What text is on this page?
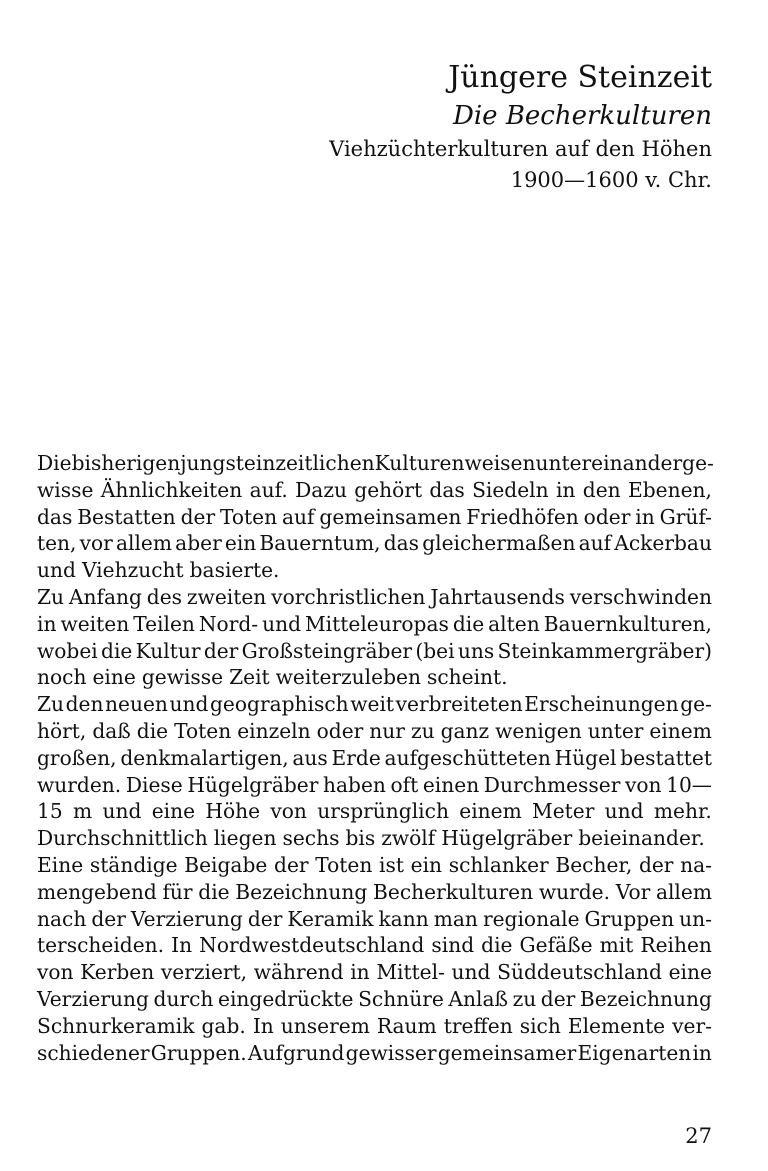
Jüngere Steinzeit
Die Becherkulturen
Viehzüchterkulturen auf den Höhen
1900—1600 v. Chr.
Die bisherigen jungsteinzeitlichen Kulturen weisen untereinander ge-
wisse Ähnlichkeiten auf. Dazu gehört das Siedeln in den Ebenen,
das Bestatten der Toten auf gemeinsamen Friedhöfen oder in Grüf-
ten, vor allem aber ein Bauerntum, das gleichermaßen auf Ackerbau
und Viehzucht basierte.
Zu Anfang des zweiten vorchristlichen Jahrtausends verschwinden
in weiten Teilen Nord- und Mitteleuropas die alten Bauernkulturen,
wobei die Kultur der Großsteingräber (bei uns Steinkammergräber)
noch eine gewisse Zeit weiterzuleben scheint.
Zu den neuen und geographisch weit verbreiteten Erscheinungen ge-
hört, daß die Toten einzeln oder nur zu ganz wenigen unter einem
großen, denkmalartigen, aus Erde aufgeschütteten Hügel bestattet
wurden. Diese Hügelgräber haben oft einen Durchmesser von 10—
15 m und eine Höhe von ursprünglich einem Meter und mehr.
Durchschnittlich liegen sechs bis zwölf Hügelgräber beieinander.
Eine ständige Beigabe der Toten ist ein schlanker Becher, der na-
mengebend für die Bezeichnung Becherkulturen wurde. Vor allem
nach der Verzierung der Keramik kann man regionale Gruppen un-
terscheiden. In Nordwestdeutschland sind die Gefäße mit Reihen
von Kerben verziert, während in Mittel- und Süddeutschland eine
Verzierung durch eingedrückte Schnüre Anlaß zu der Bezeichnung
Schnurkeramik gab. In unserem Raum treffen sich Elemente ver-
schiedener Gruppen. Aufgrund gewisser gemeinsamer Eigenarten in
27
